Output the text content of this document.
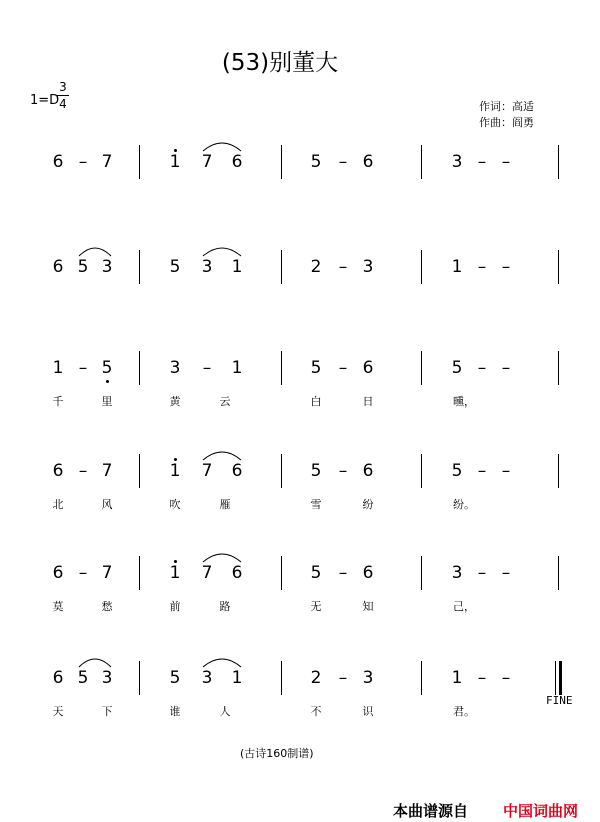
(53)别董大
1=D
3
4	作词：高适
作曲：阎勇
6 – 7	1 7 6	5 – 6	3 – –
6 5 3	5 3 1	2 – 3	1 – –
1 – 5	3 – 1	5 – 6	5 – –
千	里	黄	云	白	日	曛，
6 – 7	1 7 6	5 – 6	5 – –
北	风	吹	雁	雪	纷	纷。
6 – 7	1 7 6	5 – 6	3 – –
莫	愁	前	路	无	知	己，
6 5 3	5 3 1	2 – 3	1 – –
天	下	谁	人	不	识	君。
FINE
(古诗160制谱)
本曲谱源自 中国词曲网
